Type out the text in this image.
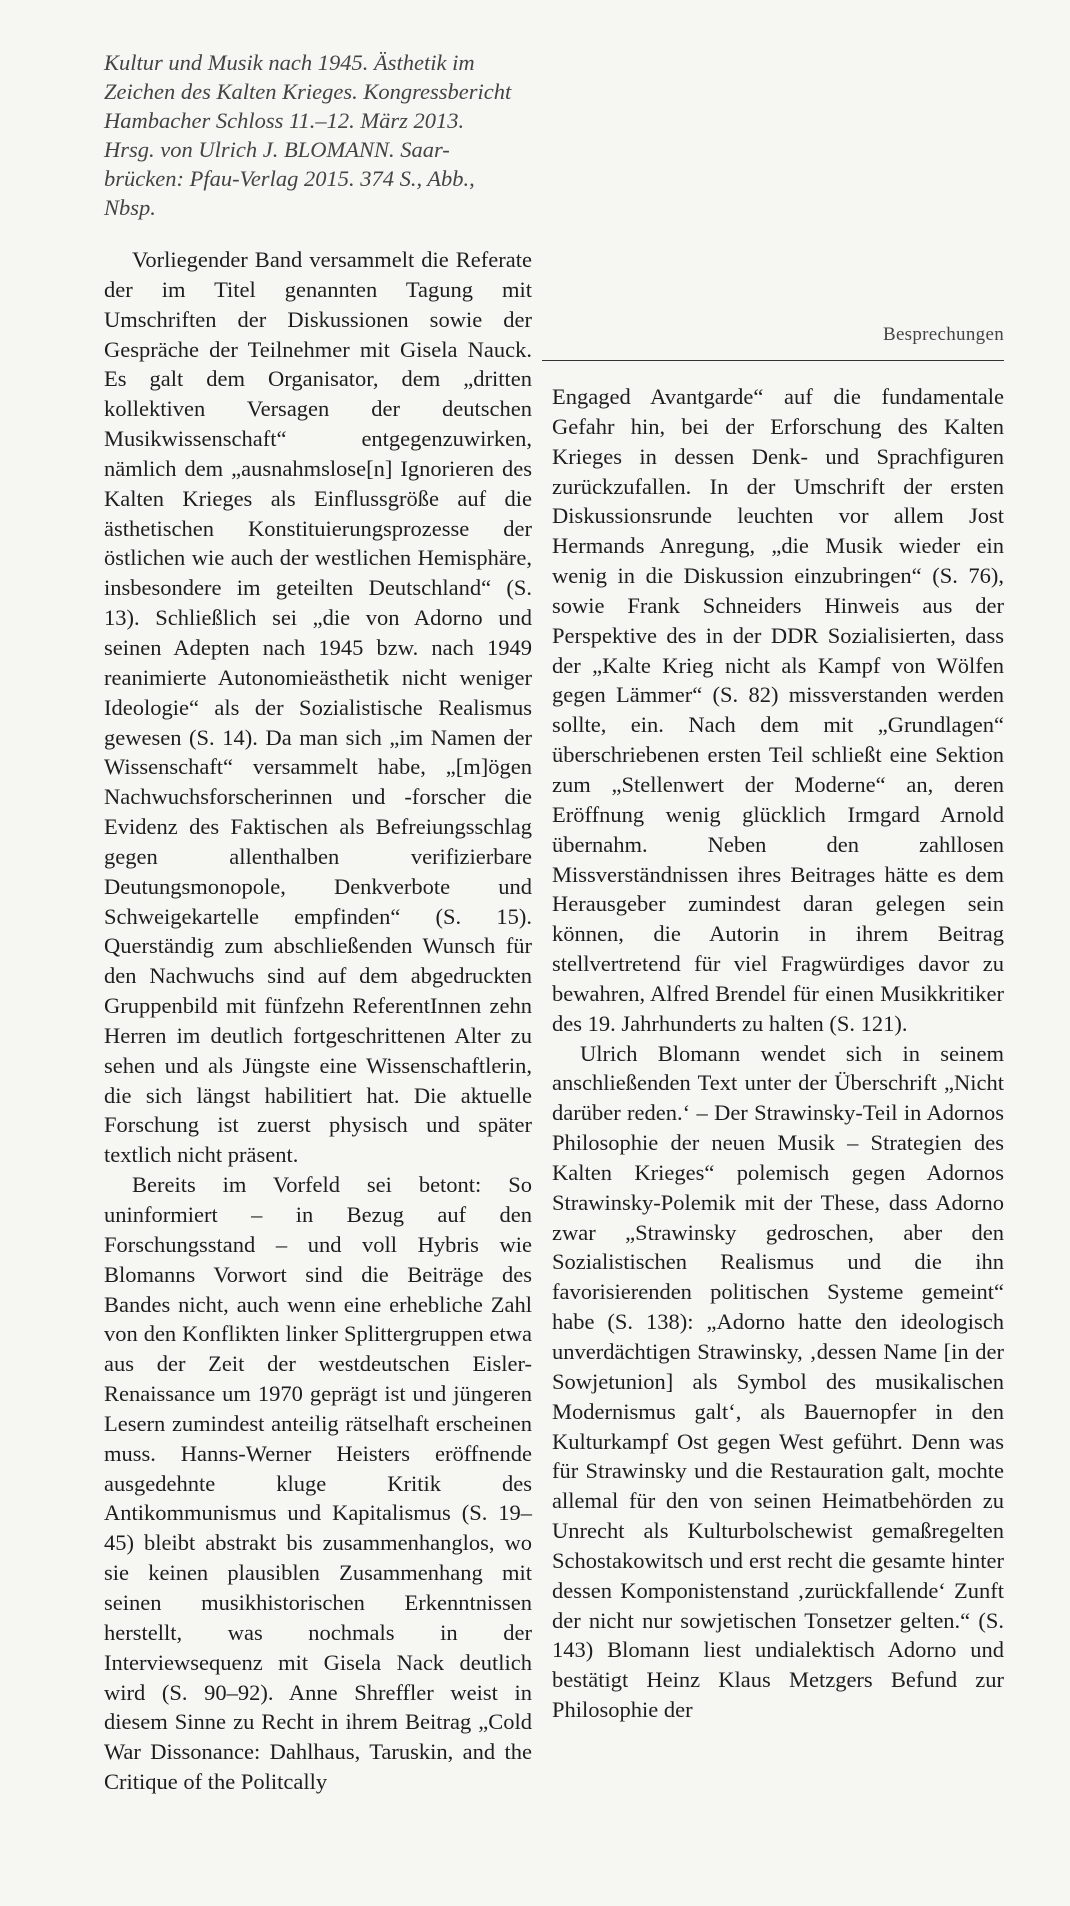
Kultur und Musik nach 1945. Ästhetik im

Zeichen des Kalten Krieges. Kongressbericht

Hambacher Schloss 11.–12. März 2013.

Hrsg. von Ulrich J. BLOMANN. Saar-

brücken: Pfau-Verlag 2015. 374 S., Abb.,

Nbsp.

Besprechungen

Vorliegender Band versammelt die Referate der im Titel genannten Tagung mit Umschriften der Diskussionen sowie der Gespräche der Teilnehmer mit Gisela Nauck. Es galt dem Organisator, dem „dritten kollektiven Versagen der deutschen Musikwissenschaft“ entgegenzuwirken, nämlich dem „ausnahmslose[n] Ignorieren des Kalten Krieges als Einflussgröße auf die ästhetischen Konstituierungsprozesse der östlichen wie auch der westlichen Hemisphäre, insbesondere im geteilten Deutschland“ (S. 13). Schließlich sei „die von Adorno und seinen Adepten nach 1945 bzw. nach 1949 reanimierte Autonomieästhetik nicht weniger Ideologie“ als der Sozialistische Realismus gewesen (S. 14). Da man sich „im Namen der Wissenschaft“ versammelt habe, „[m]ögen Nachwuchsforscherinnen und -forscher die Evidenz des Faktischen als Befreiungsschlag gegen allenthalben verifizierbare Deutungsmonopole, Denkverbote und Schweigekartelle empfinden“ (S. 15). Querständig zum abschließenden Wunsch für den Nachwuchs sind auf dem abgedruckten Gruppenbild mit fünfzehn ReferentInnen zehn Herren im deutlich fortgeschrittenen Alter zu sehen und als Jüngste eine Wissenschaftlerin, die sich längst habilitiert hat. Die aktuelle Forschung ist zuerst physisch und später textlich nicht präsent.

Bereits im Vorfeld sei betont: So uninformiert – in Bezug auf den Forschungsstand – und voll Hybris wie Blomanns Vorwort sind die Beiträge des Bandes nicht, auch wenn eine erhebliche Zahl von den Konflikten linker Splittergruppen etwa aus der Zeit der westdeutschen Eisler-Renaissance um 1970 geprägt ist und jüngeren Lesern zumindest anteilig rätselhaft erscheinen muss. Hanns-Werner Heisters eröffnende ausgedehnte kluge Kritik des Antikommunismus und Kapitalismus (S. 19–45) bleibt abstrakt bis zusammenhanglos, wo sie keinen plausiblen Zusammenhang mit seinen musikhistorischen Erkenntnissen herstellt, was nochmals in der Interviewsequenz mit Gisela Nack deutlich wird (S. 90–92). Anne Shreffler weist in diesem Sinne zu Recht in ihrem Beitrag „Cold War Dissonance: Dahlhaus, Taruskin, and the Critique of the Politcally

Engaged Avantgarde“ auf die fundamentale Gefahr hin, bei der Erforschung des Kalten Krieges in dessen Denk- und Sprachfiguren zurückzufallen. In der Umschrift der ersten Diskussionsrunde leuchten vor allem Jost Hermands Anregung, „die Musik wieder ein wenig in die Diskussion einzubringen“ (S. 76), sowie Frank Schneiders Hinweis aus der Perspektive des in der DDR Sozialisierten, dass der „Kalte Krieg nicht als Kampf von Wölfen gegen Lämmer“ (S. 82) missverstanden werden sollte, ein. Nach dem mit „Grundlagen“ überschriebenen ersten Teil schließt eine Sektion zum „Stellenwert der Moderne“ an, deren Eröffnung wenig glücklich Irmgard Arnold übernahm. Neben den zahllosen Missverständnissen ihres Beitrages hätte es dem Herausgeber zumindest daran gelegen sein können, die Autorin in ihrem Beitrag stellvertretend für viel Fragwürdiges davor zu bewahren, Alfred Brendel für einen Musikkritiker des 19. Jahrhunderts zu halten (S. 121).

Ulrich Blomann wendet sich in seinem anschließenden Text unter der Überschrift „Nicht darüber reden.‘ – Der Strawinsky-Teil in Adornos Philosophie der neuen Musik – Strategien des Kalten Krieges“ polemisch gegen Adornos Strawinsky-Polemik mit der These, dass Adorno zwar „Strawinsky gedroschen, aber den Sozialistischen Realismus und die ihn favorisierenden politischen Systeme gemeint“ habe (S. 138): „Adorno hatte den ideologisch unverdächtigen Strawinsky, ‚dessen Name [in der Sowjetunion] als Symbol des musikalischen Modernismus galt‘, als Bauernopfer in den Kulturkampf Ost gegen West geführt. Denn was für Strawinsky und die Restauration galt, mochte allemal für den von seinen Heimatbehörden zu Unrecht als Kulturbolschewist gemaßregelten Schostakowitsch und erst recht die gesamte hinter dessen Komponistenstand ‚zurückfallende‘ Zunft der nicht nur sowjetischen Tonsetzer gelten.“ (S. 143) Blomann liest undialektisch Adorno und bestätigt Heinz Klaus Metzgers Befund zur Philosophie der
